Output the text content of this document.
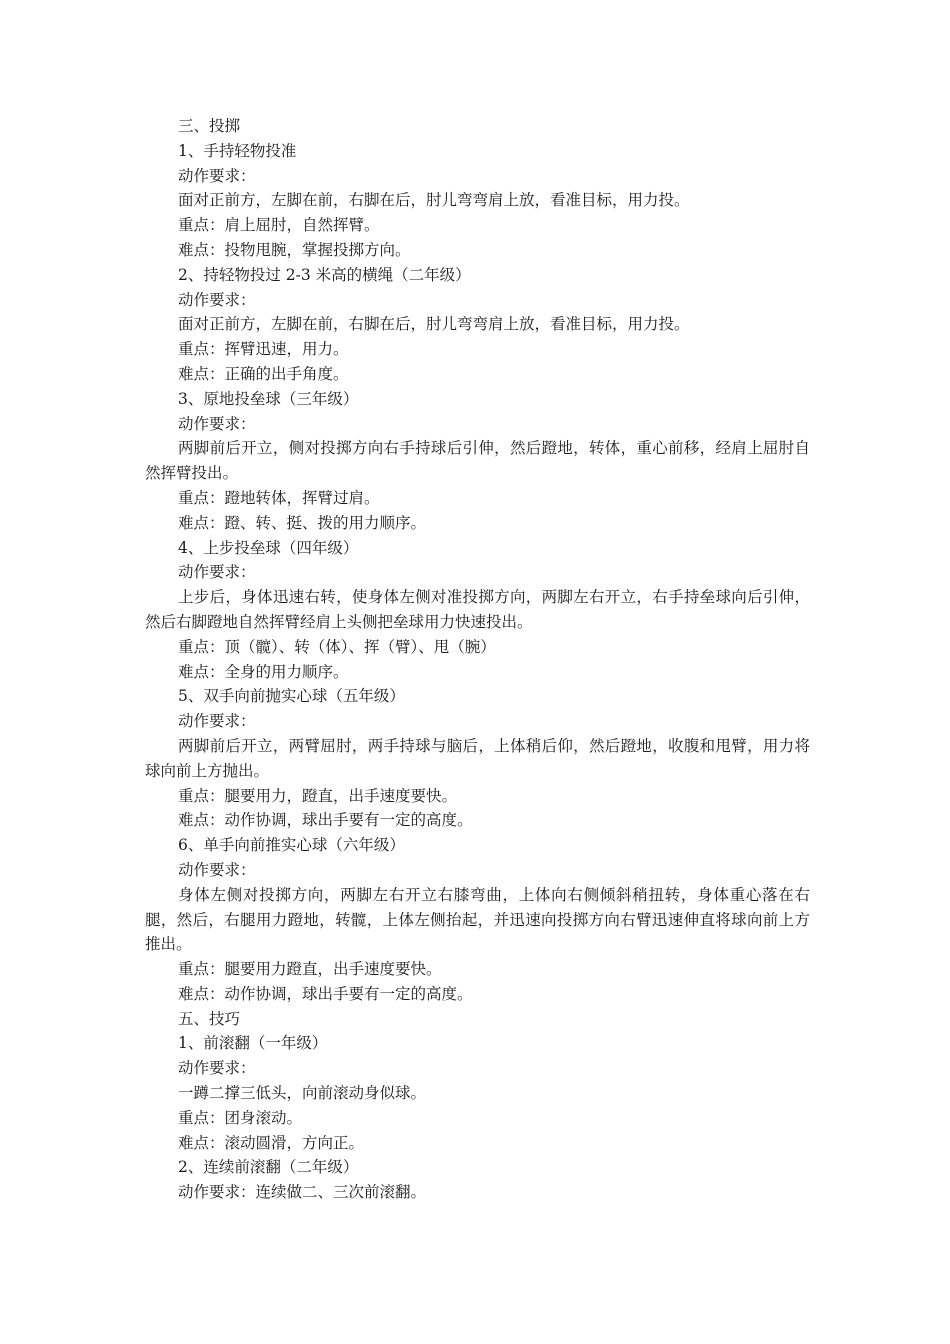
三、投掷

1、手持轻物投准

动作要求：

面对正前方，左脚在前，右脚在后，肘儿弯弯肩上放，看准目标，用力投。

重点：肩上屈肘，自然挥臂。

难点：投物甩腕，掌握投掷方向。

2、持轻物投过 2-3 米高的横绳（二年级）

动作要求：

面对正前方，左脚在前，右脚在后，肘儿弯弯肩上放，看准目标，用力投。

重点：挥臂迅速，用力。

难点：正确的出手角度。

3、原地投垒球（三年级）

动作要求：

两脚前后开立，侧对投掷方向右手持球后引伸，然后蹬地，转体，重心前移，经肩上屈肘自然挥臂投出。

重点：蹬地转体，挥臂过肩。

难点：蹬、转、挺、拨的用力顺序。

4、上步投垒球（四年级）

动作要求：

上步后，身体迅速右转，使身体左侧对准投掷方向，两脚左右开立，右手持垒球向后引伸，然后右脚蹬地自然挥臂经肩上头侧把垒球用力快速投出。

重点：顶（髋）、转（体）、挥（臂）、甩（腕）

难点：全身的用力顺序。

5、双手向前抛实心球（五年级）

动作要求：

两脚前后开立，两臂屈肘，两手持球与脑后，上体稍后仰，然后蹬地，收腹和甩臂，用力将球向前上方抛出。

重点：腿要用力，蹬直，出手速度要快。

难点：动作协调，球出手要有一定的高度。

6、单手向前推实心球（六年级）

动作要求：

身体左侧对投掷方向，两脚左右开立右膝弯曲，上体向右侧倾斜稍扭转，身体重心落在右腿，然后，右腿用力蹬地，转髋，上体左侧抬起，并迅速向投掷方向右臂迅速伸直将球向前上方推出。

重点：腿要用力蹬直，出手速度要快。

难点：动作协调，球出手要有一定的高度。

五、技巧

1、前滚翻（一年级）

动作要求：

一蹲二撑三低头，向前滚动身似球。

重点：团身滚动。

难点：滚动圆滑，方向正。

2、连续前滚翻（二年级）

动作要求：连续做二、三次前滚翻。
